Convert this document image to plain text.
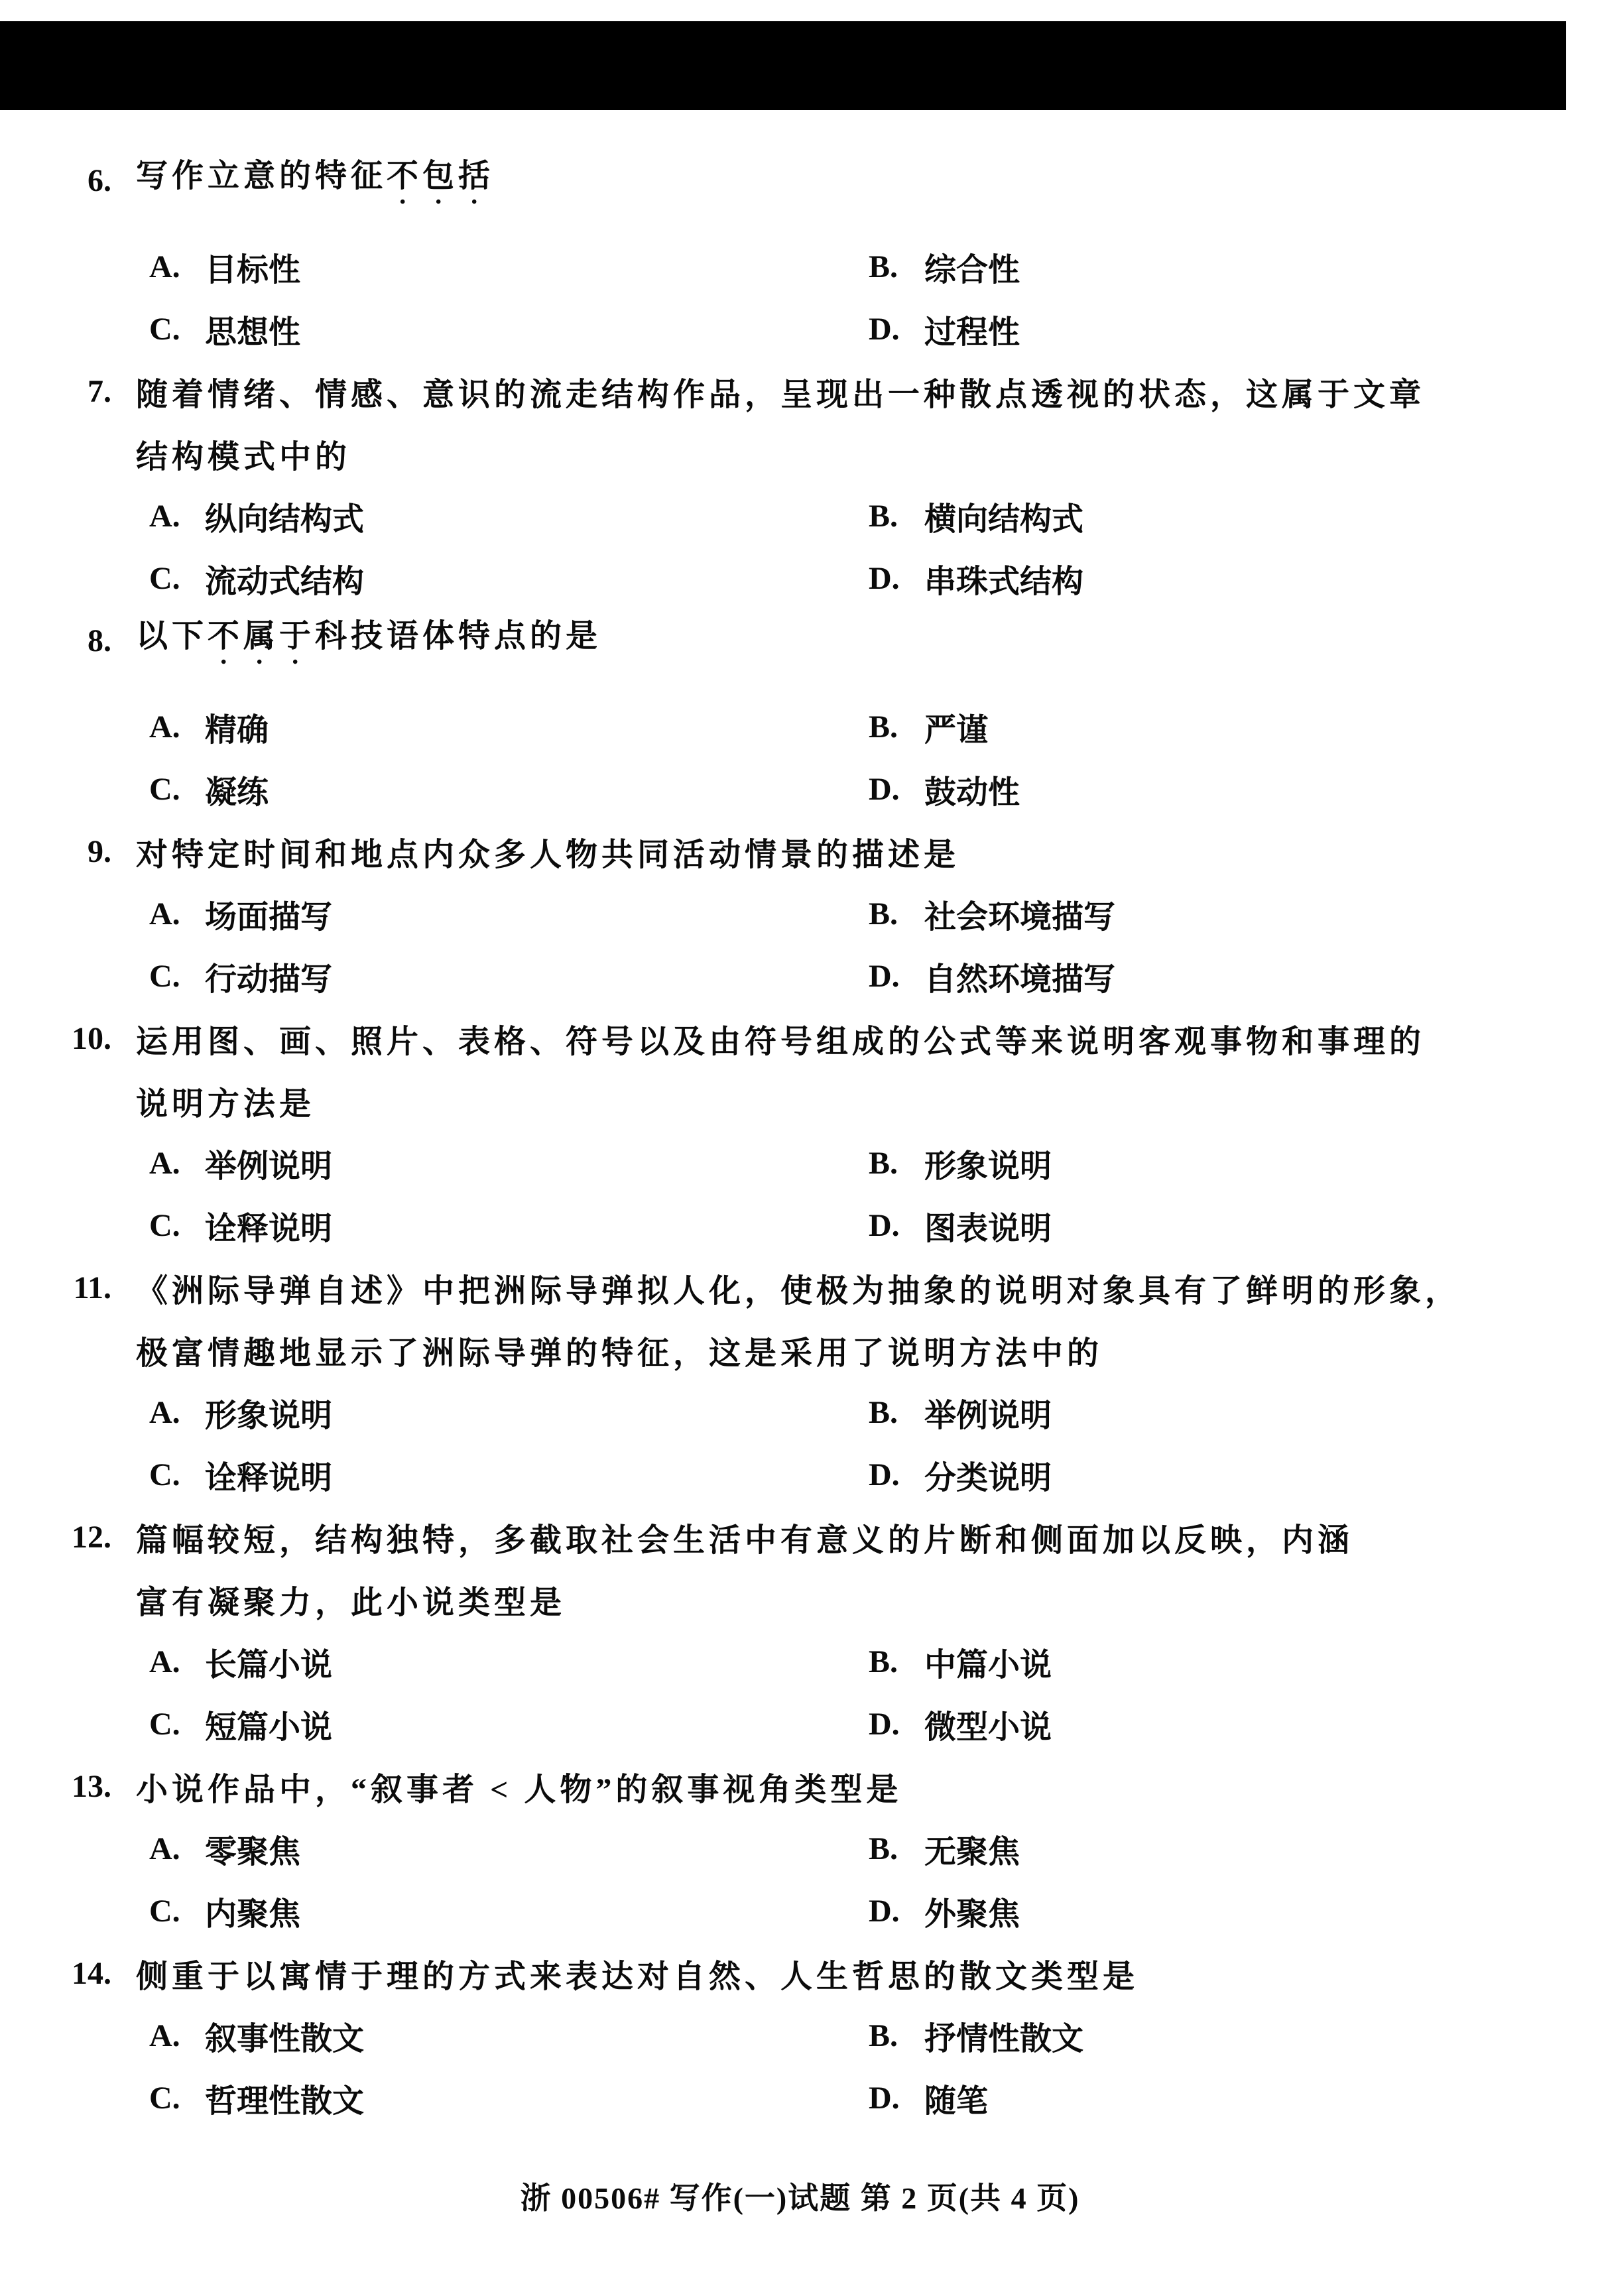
6. 写作立意的特征不包括
A. 目标性	B. 综合性
C. 思想性	D. 过程性
7. 随着情绪、情感、意识的流走结构作品，呈现出一种散点透视的状态，这属于文章
结构模式中的
A. 纵向结构式	B. 横向结构式
C. 流动式结构	D. 串珠式结构
8. 以下不属于科技语体特点的是
A. 精确	B. 严谨
C. 凝练	D. 鼓动性
9. 对特定时间和地点内众多人物共同活动情景的描述是
A. 场面描写	B. 社会环境描写
C. 行动描写	D. 自然环境描写
10. 运用图、画、照片、表格、符号以及由符号组成的公式等来说明客观事物和事理的
说明方法是
A. 举例说明	B. 形象说明
C. 诠释说明	D. 图表说明
11. 《洲际导弹自述》中把洲际导弹拟人化，使极为抽象的说明对象具有了鲜明的形象，
极富情趣地显示了洲际导弹的特征，这是采用了说明方法中的
A. 形象说明	B. 举例说明
C. 诠释说明	D. 分类说明
12. 篇幅较短，结构独特，多截取社会生活中有意义的片断和侧面加以反映，内涵
富有凝聚力，此小说类型是
A. 长篇小说	B. 中篇小说
C. 短篇小说	D. 微型小说
13. 小说作品中，“叙事者 < 人物”的叙事视角类型是
A. 零聚焦	B. 无聚焦
C. 内聚焦	D. 外聚焦
14. 侧重于以寓情于理的方式来表达对自然、人生哲思的散文类型是
A. 叙事性散文	B. 抒情性散文
C. 哲理性散文	D. 随笔
浙 00506# 写作(一)试题 第 2 页(共 4 页)
